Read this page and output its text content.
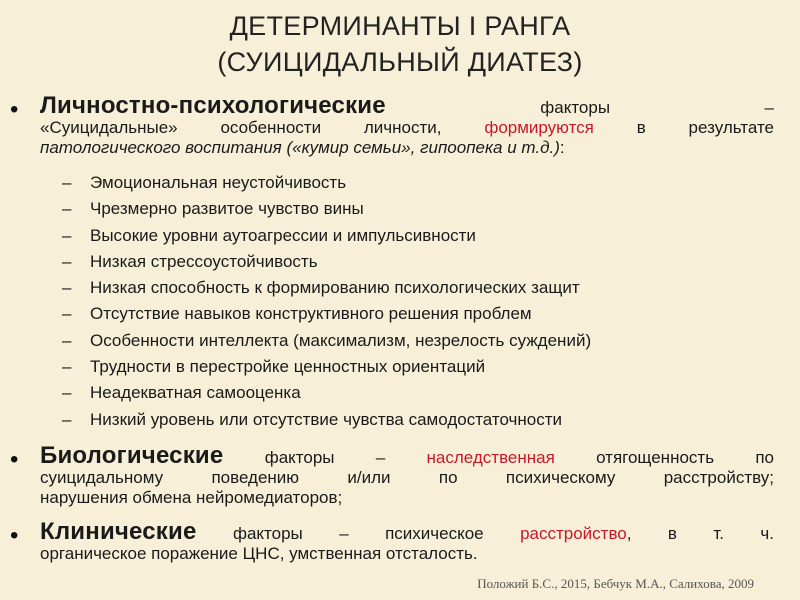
ДЕТЕРМИНАНТЫ I РАНГА
(СУИЦИДАЛЬНЫЙ ДИАТЕЗ)
• Личностно-психологические	факторы –
«Суицидальные» особенности личности,	формируются	в результате
патологического воспитания («кумир семьи», гипоопека и т.д.):
– Эмоциональная неустойчивость
– Чрезмерно развитое чувство вины
– Высокие уровни аутоагрессии и импульсивности
– Низкая стрессоустойчивость
– Низкая способность к формированию психологических защит
– Отсутствие навыков конструктивного решения проблем
– Особенности интеллекта (максимализм, незрелость суждений)
– Трудности в перестройке ценностных ориентаций
– Неадекватная самооценка
– Низкий уровень или отсутствие чувства самодостаточности
• Биологические факторы – наследственная отягощенность по
суицидальному поведению и/или по психическому расстройству;
нарушения обмена нейромедиаторов;
• Клинические факторы – психическое расстройство, в т. ч.
органическое поражение ЦНС, умственная отсталость.
Положий Б.С., 2015, Бебчук М.А., Салихова, 2009
